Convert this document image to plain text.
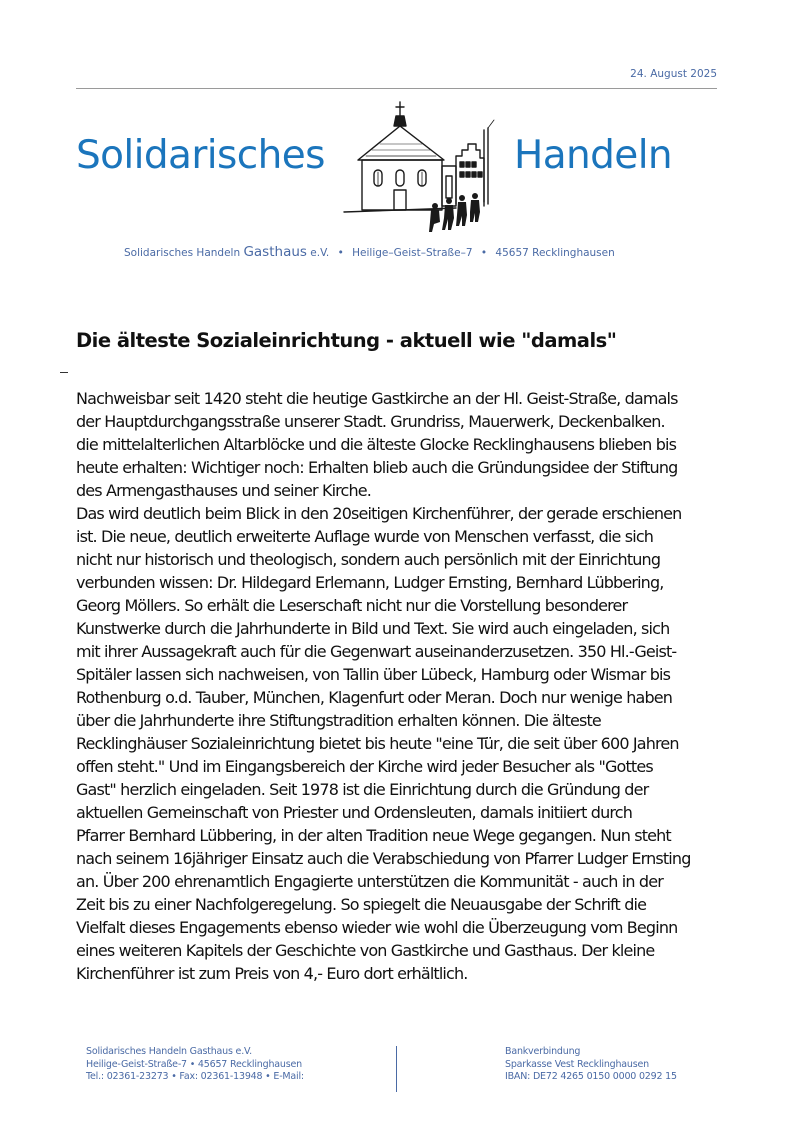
24. August 2025
Solidarisches	Handeln
Solidarisches Handeln Gasthaus e.V. • Heilige–Geist–Straße–7 • 45657 Recklinghausen
Die älteste Sozialeinrichtung - aktuell wie "damals"
Nachweisbar seit 1420 steht die heutige Gastkirche an der Hl. Geist-Straße, damals
der Hauptdurchgangsstraße unserer Stadt. Grundriss, Mauerwerk, Deckenbalken.
die mittelalterlichen Altarblöcke und die älteste Glocke Recklinghausens blieben bis
heute erhalten: Wichtiger noch: Erhalten blieb auch die Gründungsidee der Stiftung
des Armengasthauses und seiner Kirche.
Das wird deutlich beim Blick in den 20seitigen Kirchenführer, der gerade erschienen
ist. Die neue, deutlich erweiterte Auflage wurde von Menschen verfasst, die sich
nicht nur historisch und theologisch, sondern auch persönlich mit der Einrichtung
verbunden wissen: Dr. Hildegard Erlemann, Ludger Ernsting, Bernhard Lübbering,
Georg Möllers. So erhält die Leserschaft nicht nur die Vorstellung besonderer
Kunstwerke durch die Jahrhunderte in Bild und Text. Sie wird auch eingeladen, sich
mit ihrer Aussagekraft auch für die Gegenwart auseinanderzusetzen. 350 Hl.-Geist-
Spitäler lassen sich nachweisen, von Tallin über Lübeck, Hamburg oder Wismar bis
Rothenburg o.d. Tauber, München, Klagenfurt oder Meran. Doch nur wenige haben
über die Jahrhunderte ihre Stiftungstradition erhalten können. Die älteste
Recklinghäuser Sozialeinrichtung bietet bis heute "eine Tür, die seit über 600 Jahren
offen steht." Und im Eingangsbereich der Kirche wird jeder Besucher als "Gottes
Gast" herzlich eingeladen. Seit 1978 ist die Einrichtung durch die Gründung der
aktuellen Gemeinschaft von Priester und Ordensleuten, damals initiiert durch
Pfarrer Bernhard Lübbering, in der alten Tradition neue Wege gegangen. Nun steht
nach seinem 16jähriger Einsatz auch die Verabschiedung von Pfarrer Ludger Ernsting
an. Über 200 ehrenamtlich Engagierte unterstützen die Kommunität - auch in der
Zeit bis zu einer Nachfolgeregelung. So spiegelt die Neuausgabe der Schrift die
Vielfalt dieses Engagements ebenso wieder wie wohl die Überzeugung vom Beginn
eines weiteren Kapitels der Geschichte von Gastkirche und Gasthaus. Der kleine
Kirchenführer ist zum Preis von 4,- Euro dort erhältlich.
Solidarisches Handeln Gasthaus e.V.
Heilige-Geist-Straße-7 • 45657 Recklinghausen
Tel.: 02361-23273 • Fax: 02361-13948 • E-Mail:
Bankverbindung
Sparkasse Vest Recklinghausen
IBAN: DE72 4265 0150 0000 0292 15
